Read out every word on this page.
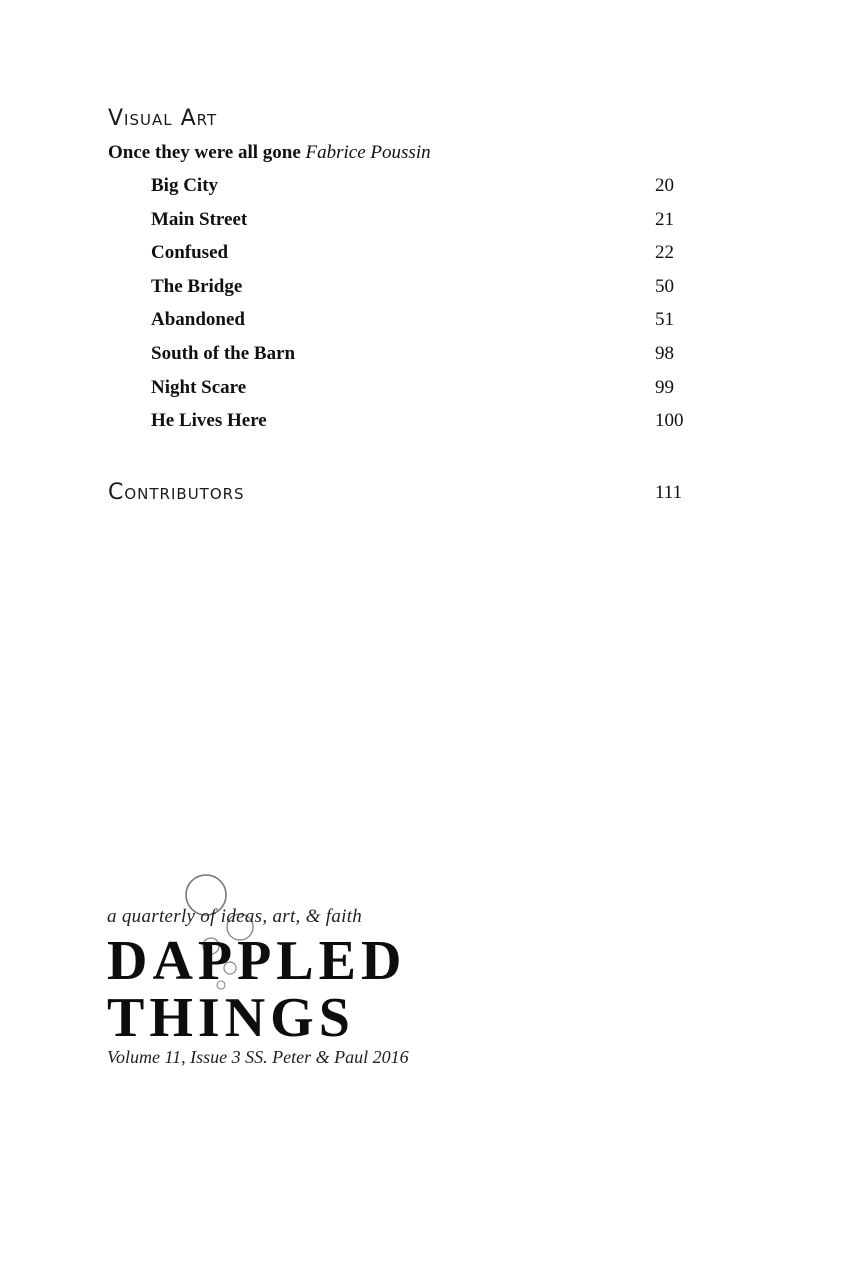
Visual Art
Once they were all gone Fabrice Poussin
Big City	20
Main Street	21
Confused	22
The Bridge	50
Abandoned	51
South of the Barn	98
Night Scare	99
He Lives Here	100
Contributors	111
a quarterly of ideas, art, & faith
DAPPLED
THINGS
Volume 11, Issue 3 SS. Peter & Paul 2016
